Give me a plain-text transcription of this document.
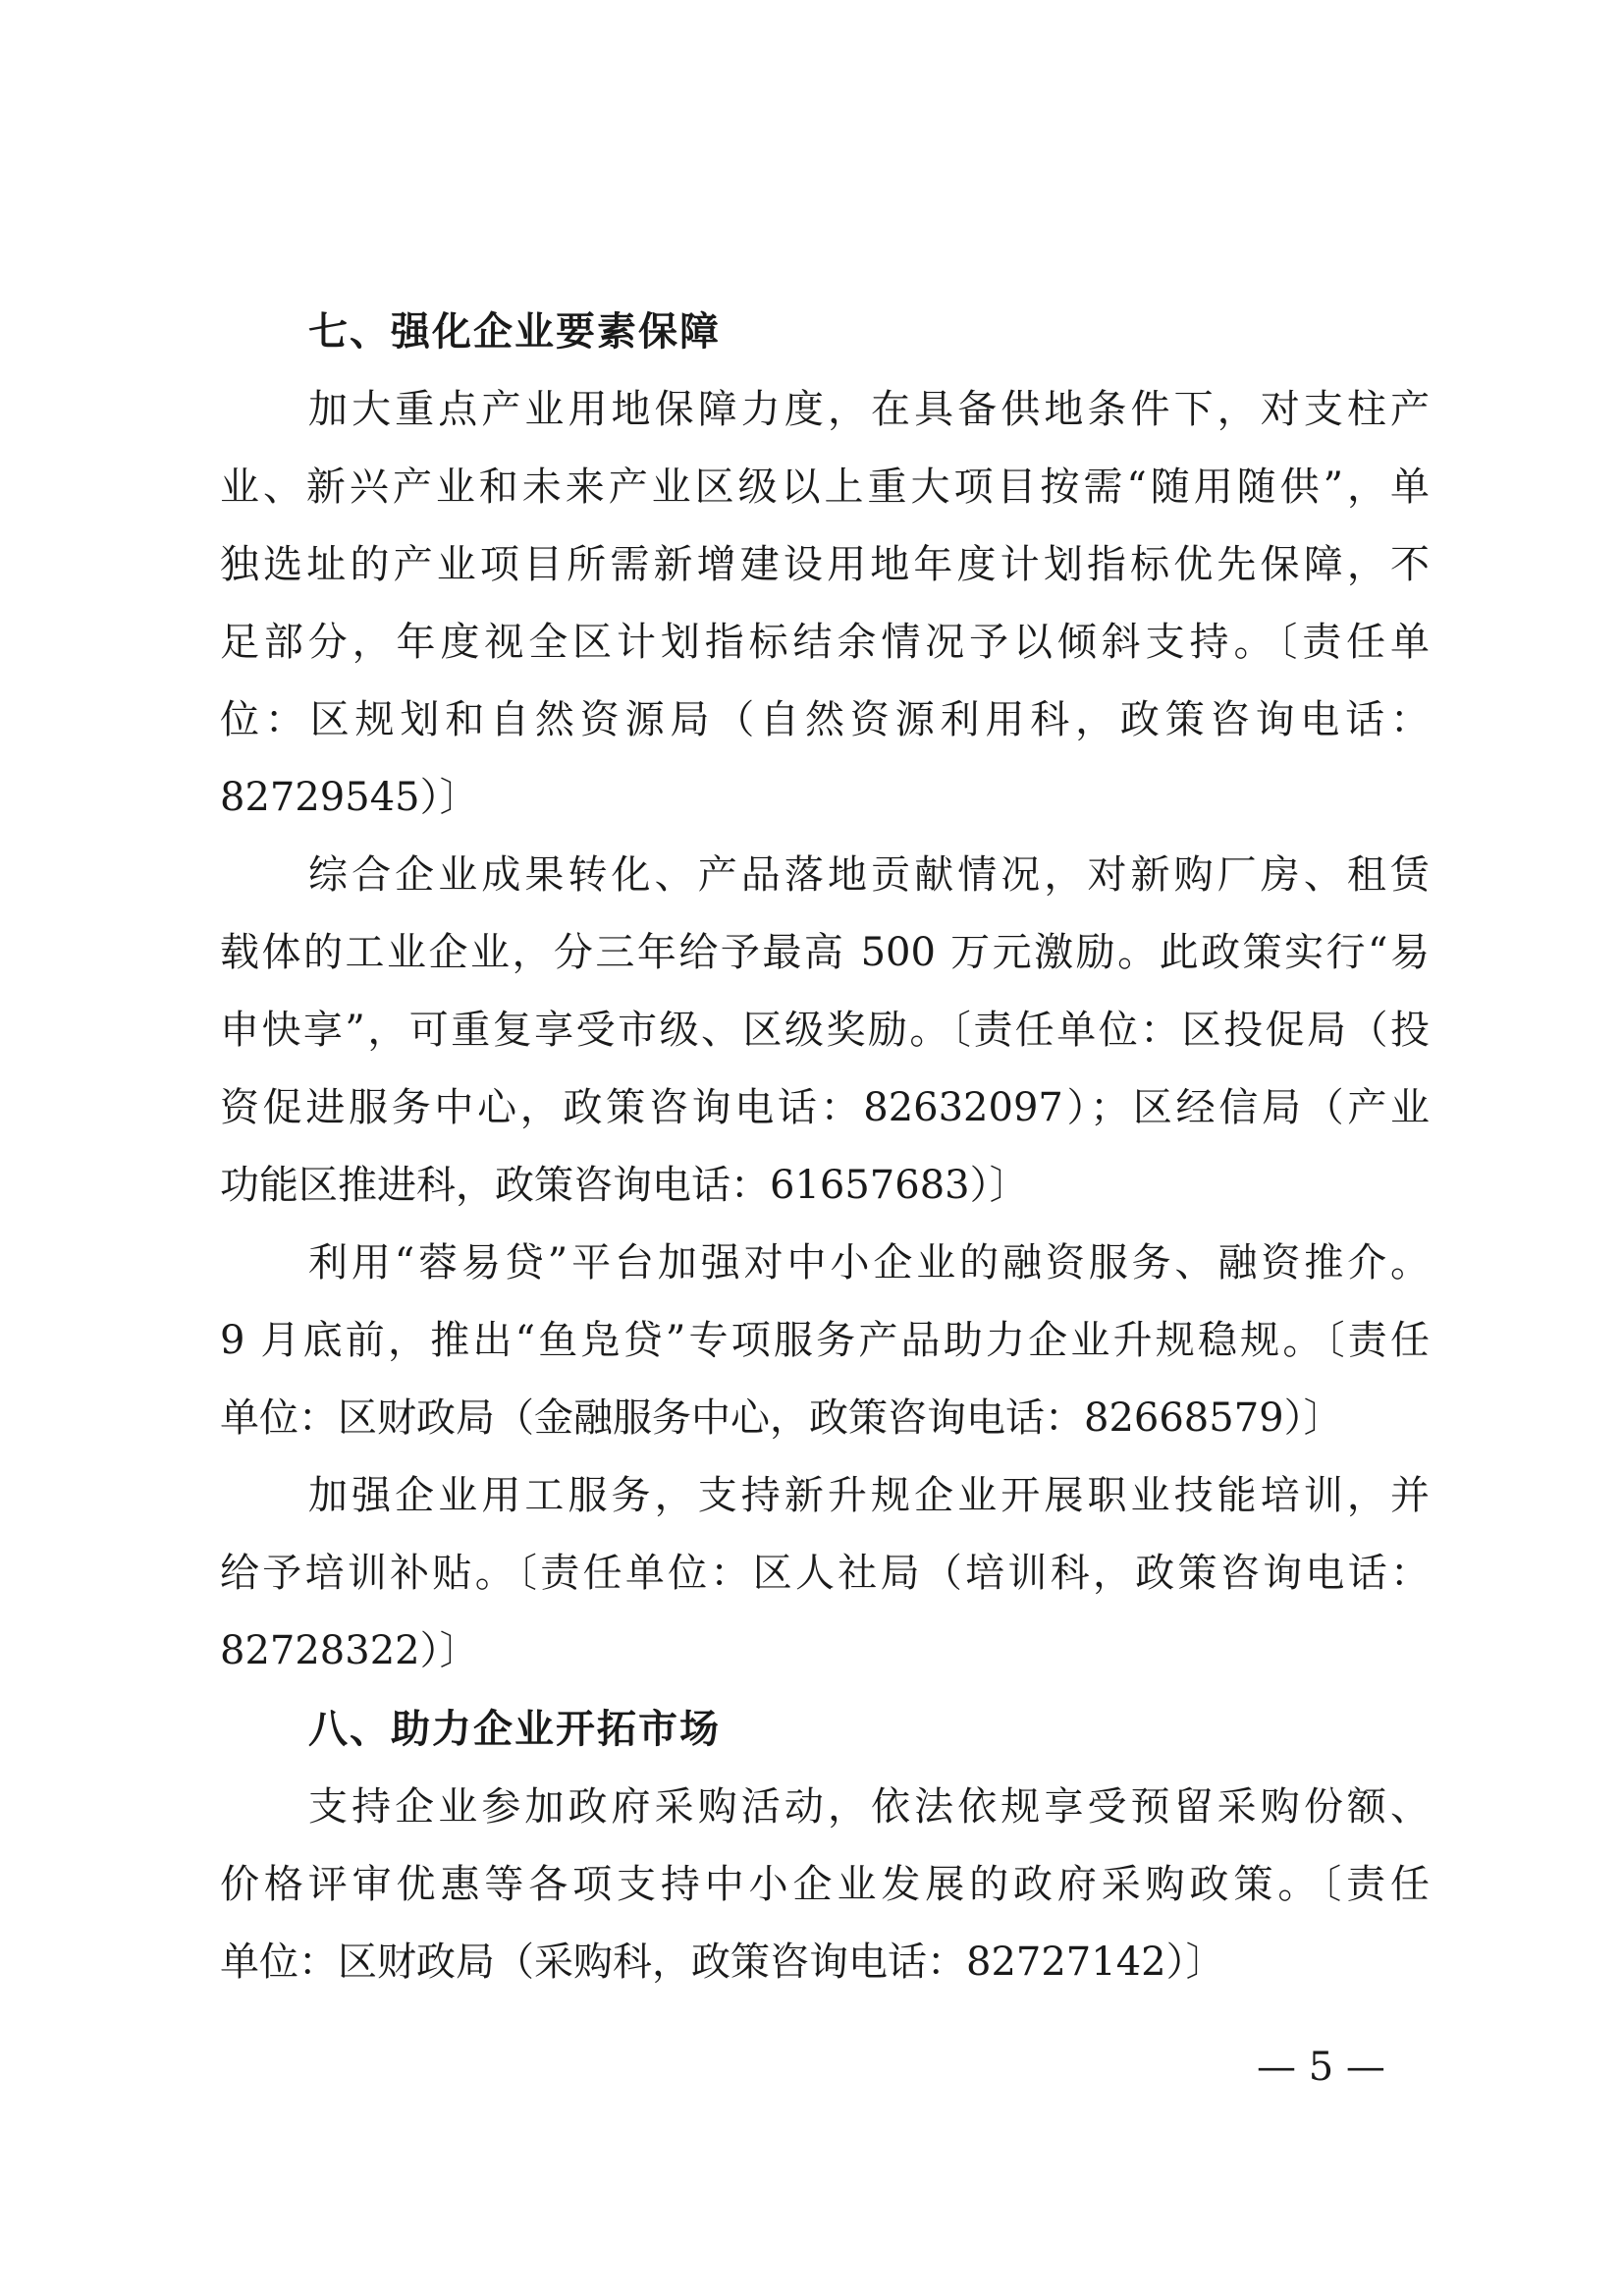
七、强化企业要素保障
加大重点产业用地保障力度，在具备供地条件下，对支柱产
业、新兴产业和未来产业区级以上重大项目按需“随用随供”，单
独选址的产业项目所需新增建设用地年度计划指标优先保障，不
足部分，年度视全区计划指标结余情况予以倾斜支持。〔责任单
位：区规划和自然资源局（自然资源利用科，政策咨询电话：
82729545）〕
综合企业成果转化、产品落地贡献情况，对新购厂房、租赁
载体的工业企业，分三年给予最高 500 万元激励。此政策实行“易
申快享”，可重复享受市级、区级奖励。〔责任单位：区投促局（投
资促进服务中心，政策咨询电话：82632097）；区经信局（产业
功能区推进科，政策咨询电话：61657683）〕
利用“蓉易贷”平台加强对中小企业的融资服务、融资推介。
9 月底前，推出“鱼凫贷”专项服务产品助力企业升规稳规。〔责任
单位：区财政局（金融服务中心，政策咨询电话：82668579）〕
加强企业用工服务，支持新升规企业开展职业技能培训，并
给予培训补贴。〔责任单位：区人社局（培训科，政策咨询电话：
82728322）〕
八、助力企业开拓市场
支持企业参加政府采购活动，依法依规享受预留采购份额、
价格评审优惠等各项支持中小企业发展的政府采购政策。〔责任
单位：区财政局（采购科，政策咨询电话：82727142）〕
— 5 —
